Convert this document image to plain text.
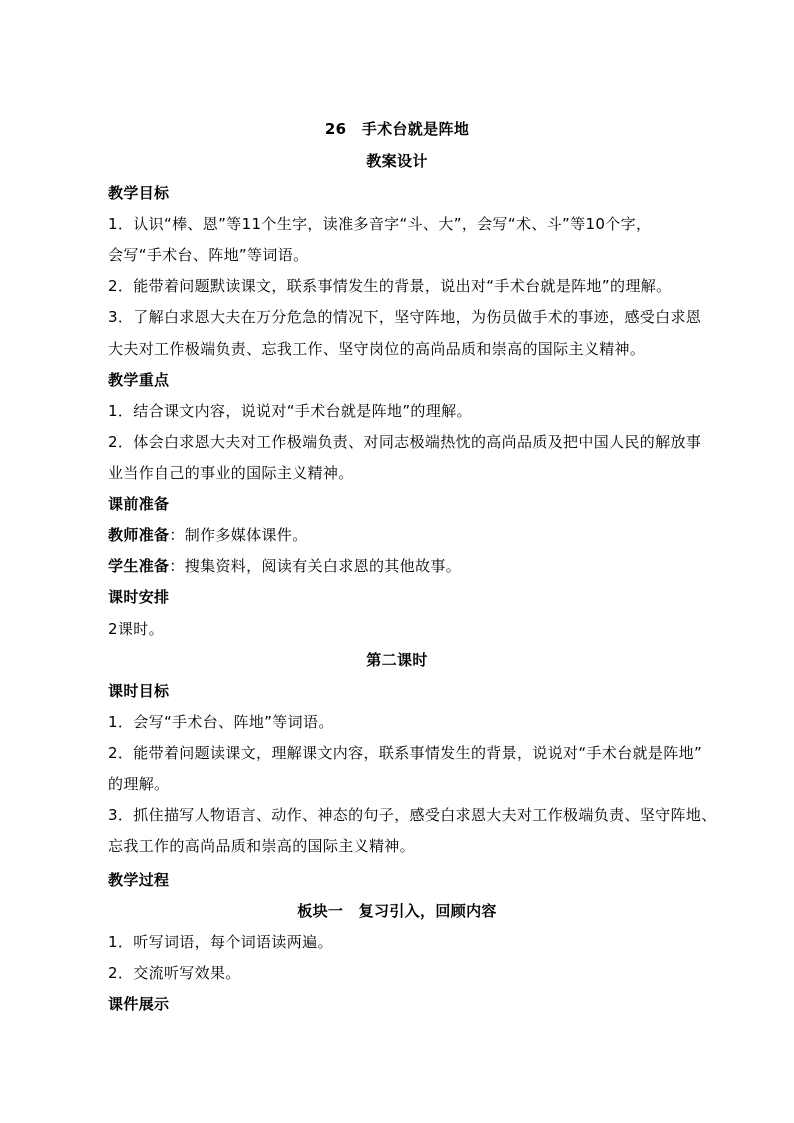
26　手术台就是阵地
教案设计
教学目标
1．认识“棒、恩”等11个生字，读准多音字“斗、大”，会写“术、斗”等10个字，
会写“手术台、阵地”等词语。
2．能带着问题默读课文，联系事情发生的背景，说出对“手术台就是阵地”的理解。
3．了解白求恩大夫在万分危急的情况下，坚守阵地，为伤员做手术的事迹，感受白求恩
大夫对工作极端负责、忘我工作、坚守岗位的高尚品质和崇高的国际主义精神。
教学重点
1．结合课文内容，说说对“手术台就是阵地”的理解。
2．体会白求恩大夫对工作极端负责、对同志极端热忱的高尚品质及把中国人民的解放事
业当作自己的事业的国际主义精神。
课前准备
教师准备：制作多媒体课件。
学生准备：搜集资料，阅读有关白求恩的其他故事。
课时安排
2课时。
第二课时
课时目标
1．会写“手术台、阵地”等词语。
2．能带着问题读课文，理解课文内容，联系事情发生的背景，说说对“手术台就是阵地”
的理解。
3．抓住描写人物语言、动作、神态的句子，感受白求恩大夫对工作极端负责、坚守阵地、
忘我工作的高尚品质和崇高的国际主义精神。
教学过程
板块一　复习引入，回顾内容
1．听写词语，每个词语读两遍。
2．交流听写效果。
课件展示
